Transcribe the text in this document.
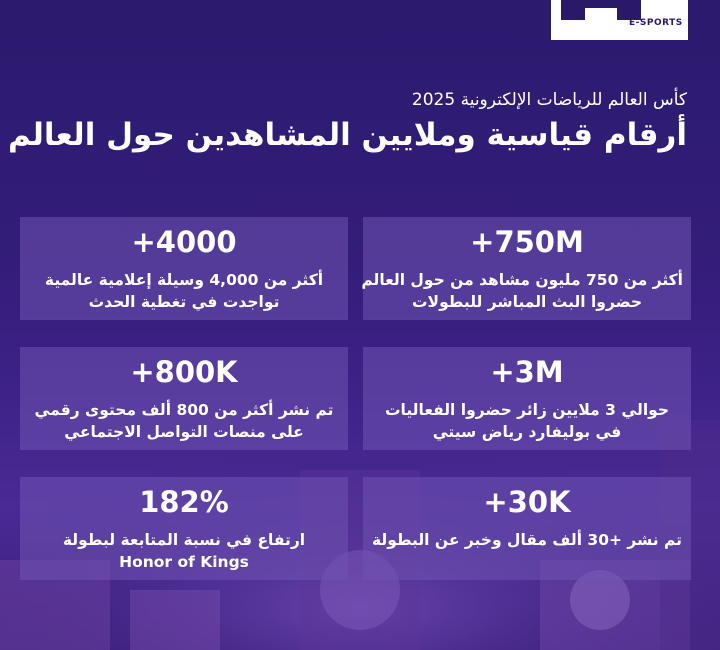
E-SPORTS
كأس العالم للرياضات الإلكترونية 2025
أرقام قياسية وملايين المشاهدين حول العالم
+750M
أكثر من 750 مليون مشاهد من حول العالم
حضروا البث المباشر للبطولات
+4000
أكثر من 4,000 وسيلة إعلامية عالمية
تواجدت في تغطية الحدث
+3M
حوالي 3 ملايين زائر حضروا الفعاليات
في بوليفارد رياض سيتي
+800K
تم نشر أكثر من 800 ألف محتوى رقمي
على منصات التواصل الاجتماعي
+30K
تم نشر +30 ألف مقال وخبر عن البطولة
182%
ارتفاع في نسبة المتابعة لبطولة
Honor of Kings
